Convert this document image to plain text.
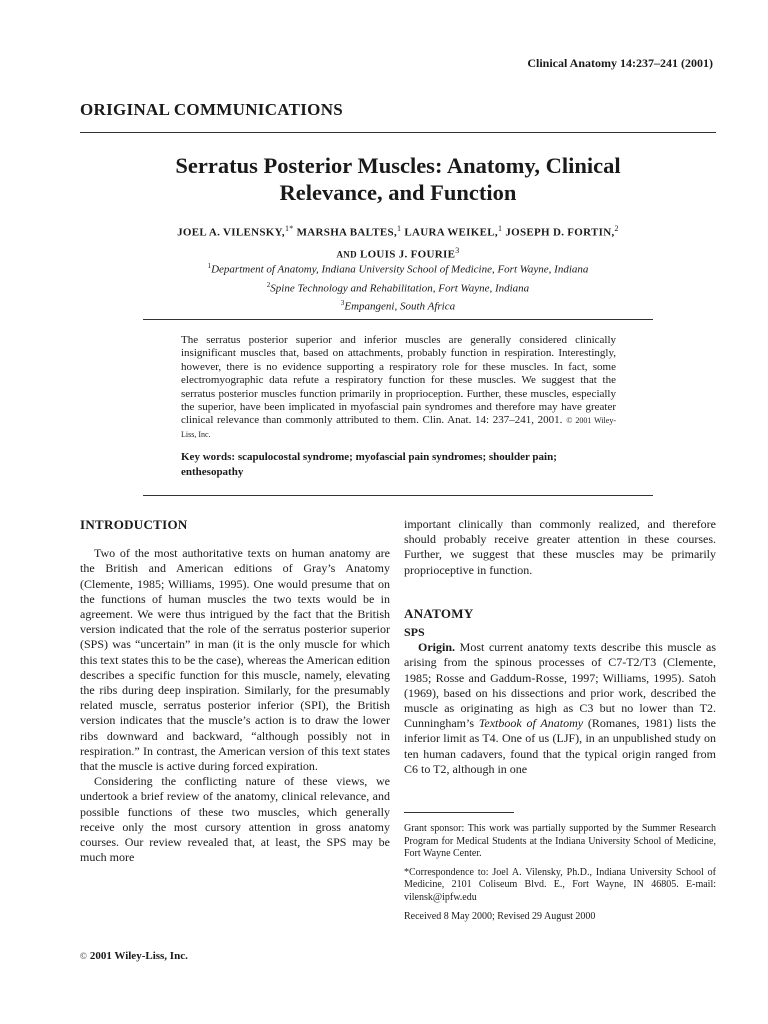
Clinical Anatomy 14:237–241 (2001)
ORIGINAL COMMUNICATIONS
Serratus Posterior Muscles: Anatomy, Clinical
Relevance, and Function
JOEL A. VILENSKY,$^{1*}$ MARSHA BALTES,$^1$ LAURA WEIKEL,$^1$ JOSEPH D. FORTIN,$^2$
AND LOUIS J. FOURIE$^3$
$^1$Department of Anatomy, Indiana University School of Medicine, Fort Wayne, Indiana
$^2$Spine Technology and Rehabilitation, Fort Wayne, Indiana
$^3$Empangeni, South Africa
The serratus posterior superior and inferior muscles are generally considered clinically insignificant muscles that, based on attachments, probably function in respiration. Interestingly, however, there is no evidence supporting a respiratory role for these muscles. In fact, some electromyographic data refute a respiratory function for these muscles. We suggest that the serratus posterior muscles function primarily in proprioception. Further, these muscles, especially the superior, have been implicated in myofascial pain syndromes and therefore may have greater clinical relevance than commonly attributed to them. Clin. Anat. 14: 237–241, 2001. © 2001 Wiley-Liss, Inc.
Key words: scapulocostal syndrome; myofascial pain syndromes; shoulder pain; enthesopathy
INTRODUCTION

Two of the most authoritative texts on human anatomy are the British and American editions of Gray’s Anatomy (Clemente, 1985; Williams, 1995). One would presume that on the functions of human muscles the two texts would be in agreement. We were thus intrigued by the fact that the British version indicated that the role of the serratus posterior superior (SPS) was “uncertain” in man (it is the only muscle for which this text states this to be the case), whereas the American edition describes a specific function for this muscle, namely, elevating the ribs during deep inspiration. Similarly, for the presumably related muscle, serratus posterior inferior (SPI), the British version indicates that the muscle’s action is to draw the lower ribs downward and backward, “although possibly not in respiration.” In contrast, the American version of this text states that the muscle is active during forced expiration.

Considering the conflicting nature of these views, we undertook a brief review of the anatomy, clinical relevance, and possible functions of these two muscles, which generally receive only the most cursory attention in gross anatomy courses. Our review revealed that, at least, the SPS may be much more

important clinically than commonly realized, and therefore should probably receive greater attention in these courses. Further, we suggest that these muscles may be primarily proprioceptive in function.

ANATOMY
SPS

Origin. Most current anatomy texts describe this muscle as arising from the spinous processes of C7-T2/T3 (Clemente, 1985; Rosse and Gaddum-Rosse, 1997; Williams, 1995). Satoh (1969), based on his dissections and prior work, described the muscle as originating as high as C3 but no lower than T2. Cunningham’s Textbook of Anatomy (Romanes, 1981) lists the inferior limit as T4. One of us (LJF), in an unpublished study on ten human cadavers, found that the typical origin ranged from C6 to T2, although in one

Grant sponsor: This work was partially supported by the Summer Research Program for Medical Students at the Indiana University School of Medicine, Fort Wayne Center.

*Correspondence to: Joel A. Vilensky, Ph.D., Indiana University School of Medicine, 2101 Coliseum Blvd. E., Fort Wayne, IN 46805. E-mail: vilensk@ipfw.edu

Received 8 May 2000; Revised 29 August 2000

© 2001 Wiley-Liss, Inc.
